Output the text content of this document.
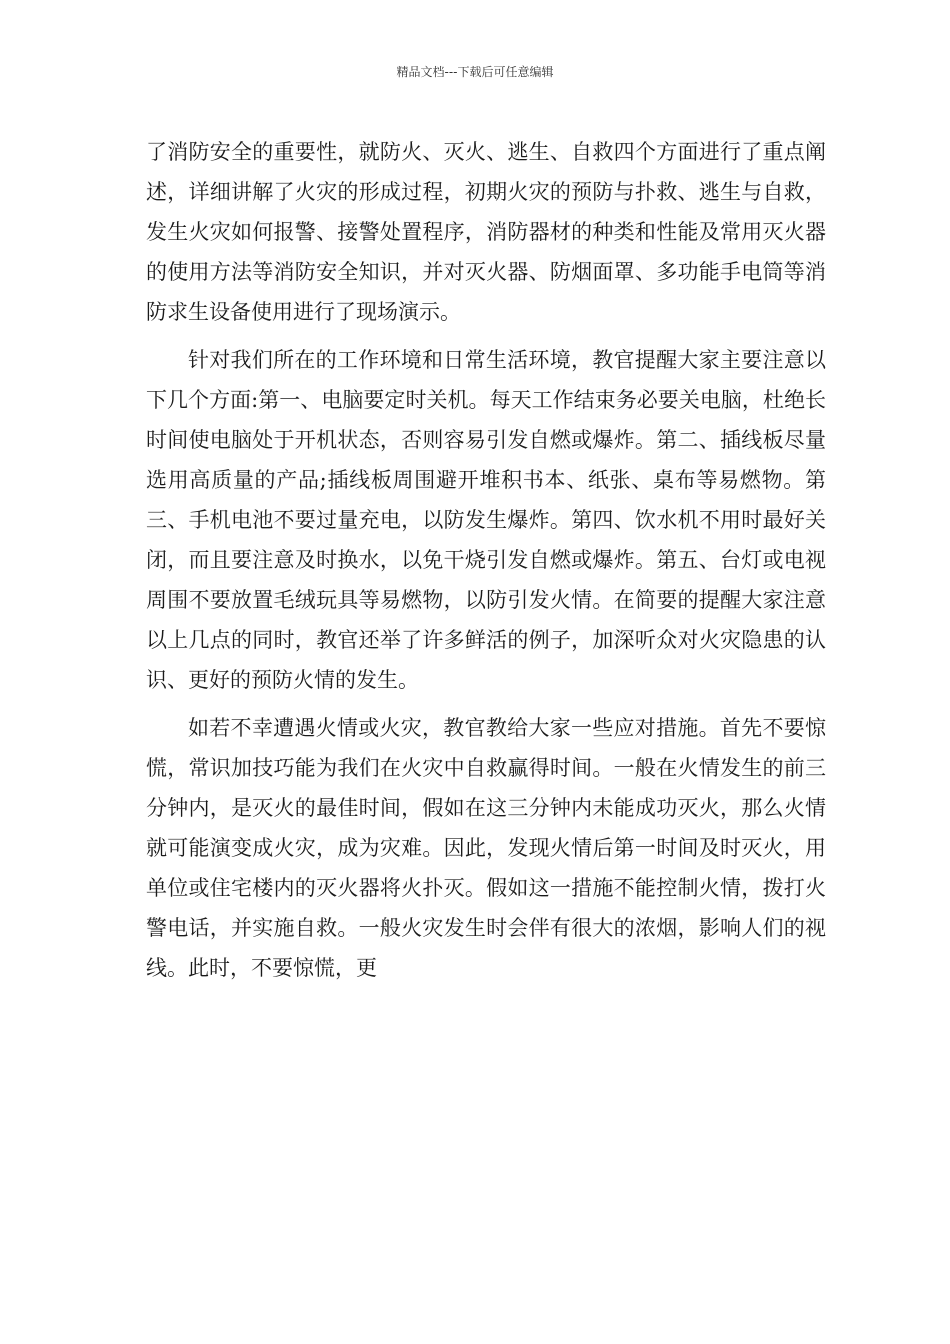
精品文档---下载后可任意编辑

了消防安全的重要性，就防火、灭火、逃生、自救四个方面进行了重点阐述，详细讲解了火灾的形成过程，初期火灾的预防与扑救、逃生与自救，发生火灾如何报警、接警处置程序，消防器材的种类和性能及常用灭火器的使用方法等消防安全知识，并对灭火器、防烟面罩、多功能手电筒等消防求生设备使用进行了现场演示。

针对我们所在的工作环境和日常生活环境，教官提醒大家主要注意以下几个方面:第一、电脑要定时关机。每天工作结束务必要关电脑，杜绝长时间使电脑处于开机状态，否则容易引发自燃或爆炸。第二、插线板尽量选用高质量的产品;插线板周围避开堆积书本、纸张、桌布等易燃物。第三、手机电池不要过量充电，以防发生爆炸。第四、饮水机不用时最好关闭，而且要注意及时换水，以免干烧引发自燃或爆炸。第五、台灯或电视周围不要放置毛绒玩具等易燃物，以防引发火情。在简要的提醒大家注意以上几点的同时，教官还举了许多鲜活的例子，加深听众对火灾隐患的认识、更好的预防火情的发生。

如若不幸遭遇火情或火灾，教官教给大家一些应对措施。首先不要惊慌，常识加技巧能为我们在火灾中自救赢得时间。一般在火情发生的前三分钟内，是灭火的最佳时间，假如在这三分钟内未能成功灭火，那么火情就可能演变成火灾，成为灾难。因此，发现火情后第一时间及时灭火，用单位或住宅楼内的灭火器将火扑灭。假如这一措施不能控制火情，拨打火警电话，并实施自救。一般火灾发生时会伴有很大的浓烟，影响人们的视线。此时，不要惊慌，更
